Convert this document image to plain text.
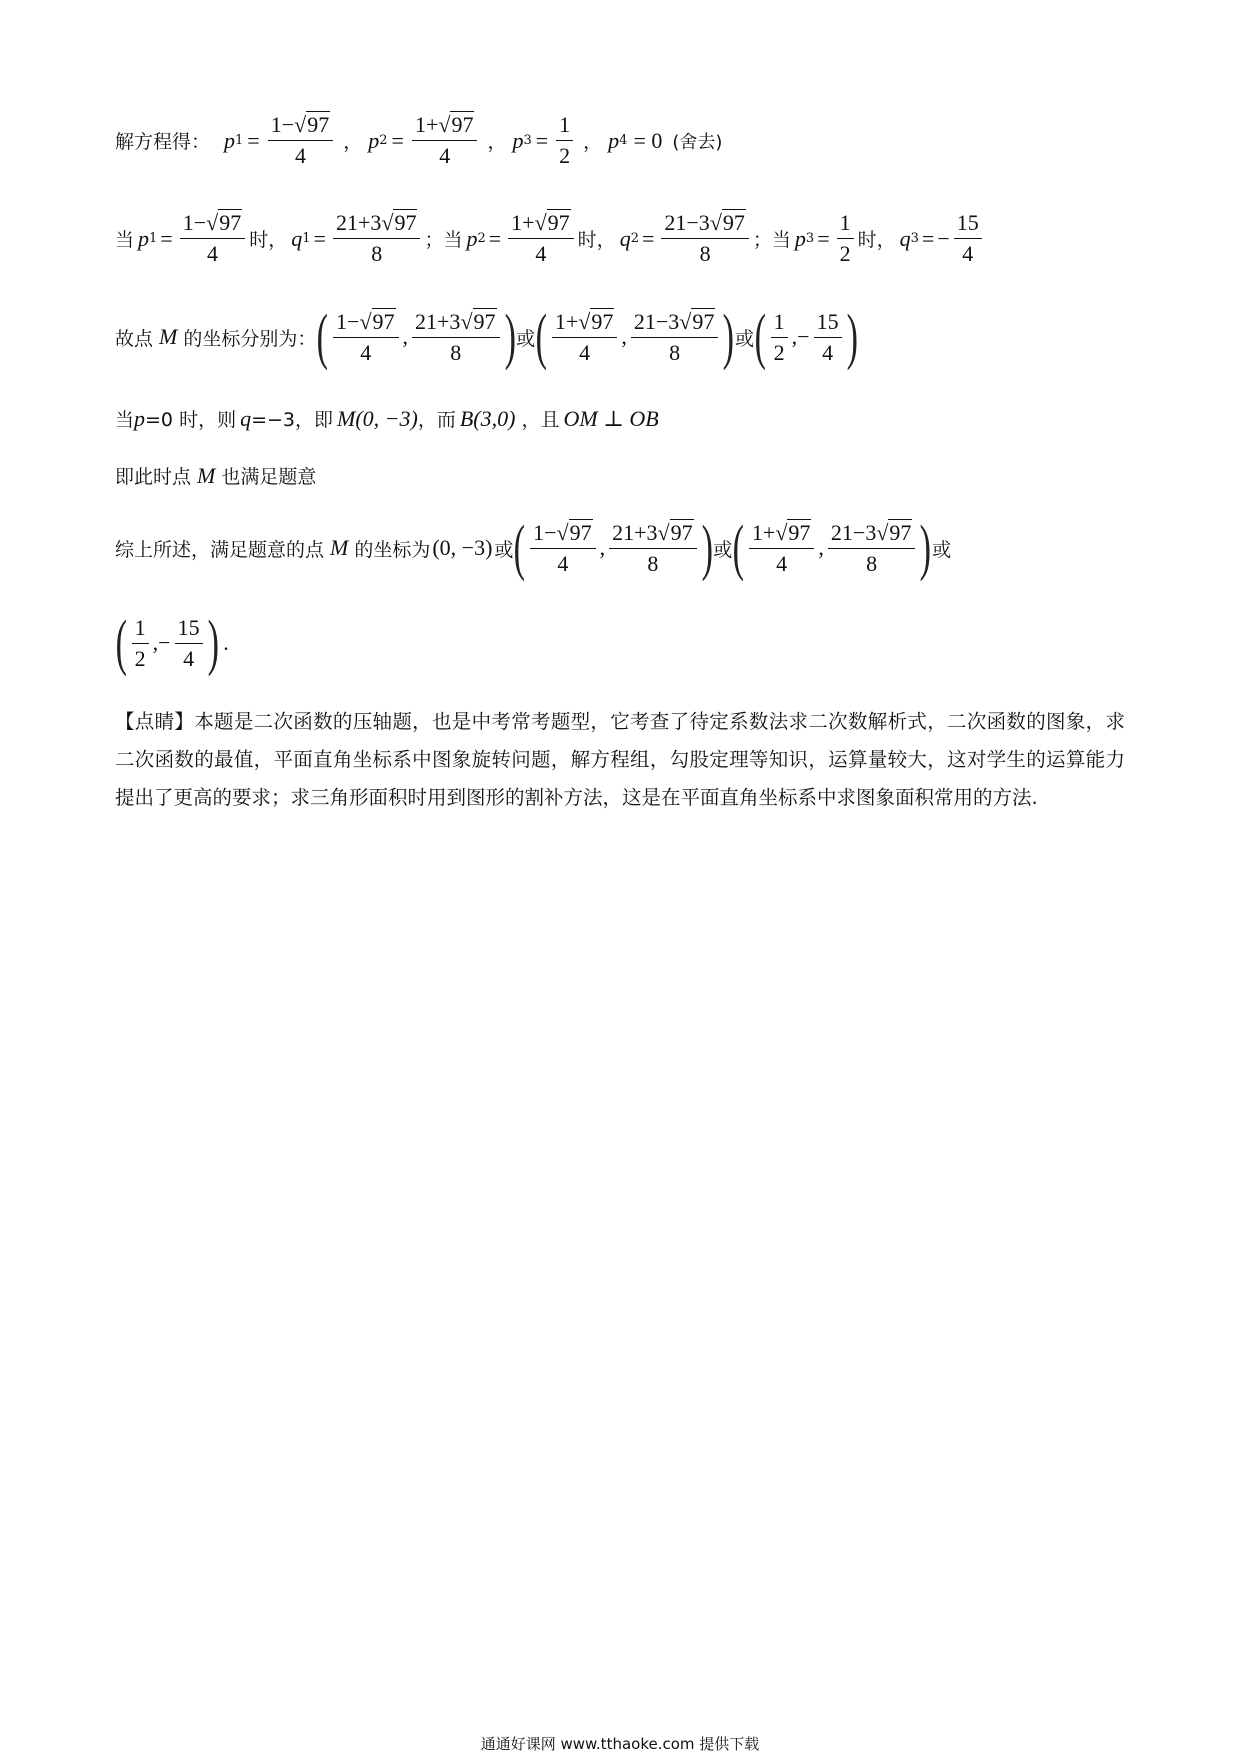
解方程得： p $1 = \frac{1-√97}{4}$ ， p $2 = \frac{1+√97}{4}$ ， p $3 = \frac{1}{2}$ ， p 4 = 0 (舍去)
当 p $1 = \frac{1-√97}{4}$ 时， q $1 = \frac{21+3√97}{8}$ ； 当 p $2 = \frac{1+√97}{4}$ 时， q $2 = \frac{21-3√97}{8}$ ； 当 p $3 = \frac{1}{2}$ 时， q 3 = − $\frac{15}{4}$
故点 M 的坐标分别为： ( $\frac{1-√97}{4}$ , $\frac{21+3√97}{8}$ ) 或 ( $\frac{1+√97}{4}$ , $\frac{21-3√97}{8}$ ) 或 ( $\frac{1}{2}$ , − $\frac{15}{4}$ )
当 p =0 时，则 q =−3，即 M(0, −3) ，而 B(3,0) ，且 OM ⊥ OB
即此时点 M 也满足题意
综上所述，满足题意的点 M 的坐标为 (0, −3) 或 ( $\frac{1-√97}{4}$ , $\frac{21+3√97}{8}$ ) 或 ( $\frac{1+√97}{4}$ , $\frac{21-3√97}{8}$ ) 或
( $\frac{1}{2}$ , − $\frac{15}{4}$ ) .
【点睛】本题是二次函数的压轴题，也是中考常考题型，它考查了待定系数法求二次数解析式，二次函数的图象，求二次函数的最值，平面直角坐标系中图象旋转问题，解方程组，勾股定理等知识，运算量较大，这对学生的运算能力提出了更高的要求；求三角形面积时用到图形的割补方法，这是在平面直角坐标系中求图象面积常用的方法.
通通好课网 www.tthaoke.com 提供下载
